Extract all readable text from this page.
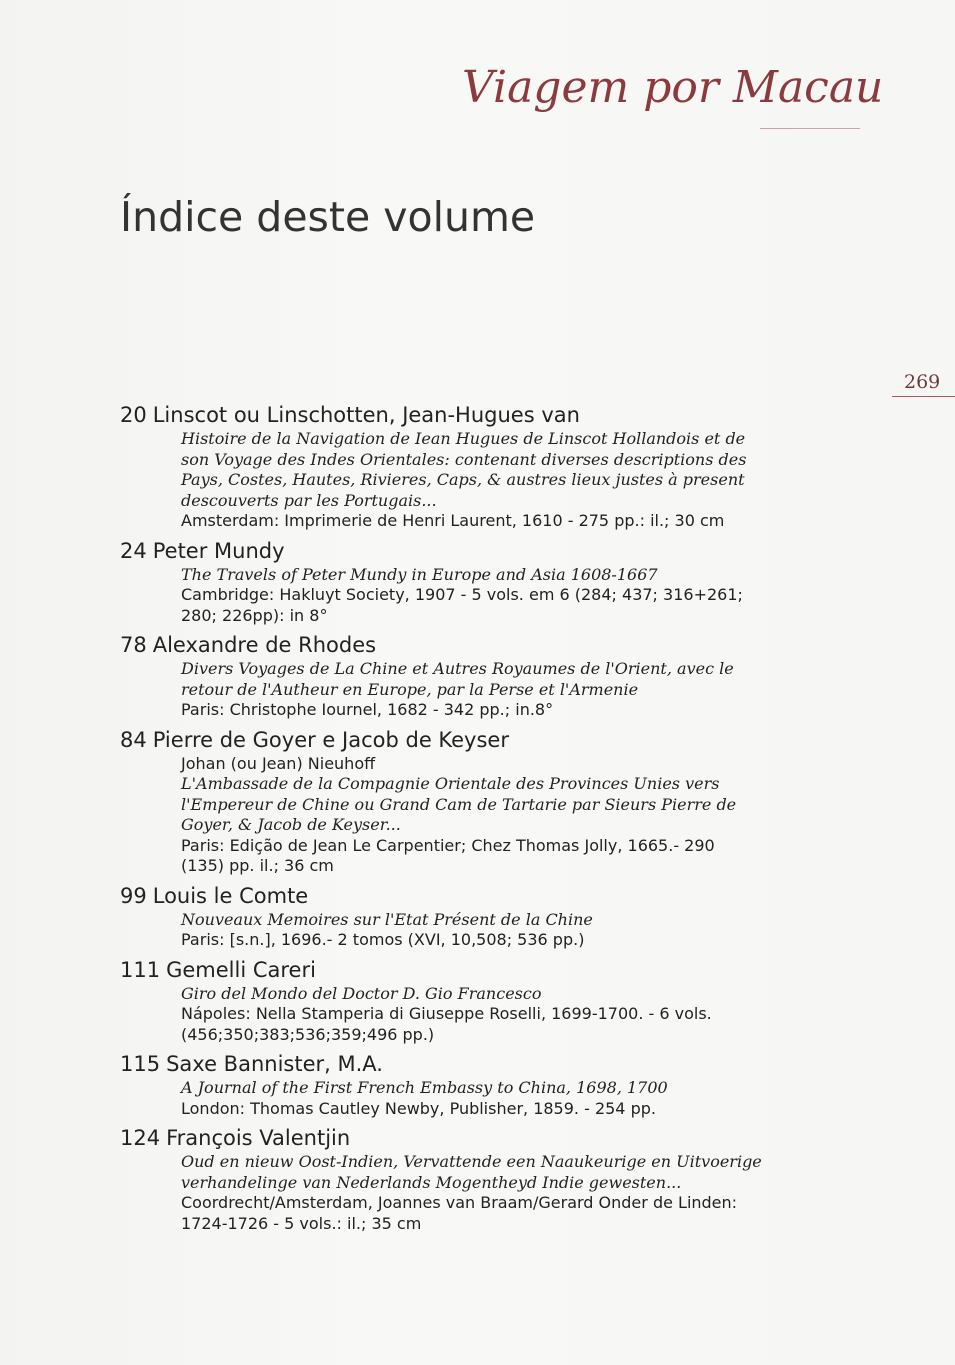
Viagem por Macau
Índice deste volume
269
20 Linscot ou Linschotten, Jean-Hugues van
Histoire de la Navigation de Iean Hugues de Linscot Hollandois et de
son Voyage des Indes Orientales: contenant diverses descriptions des
Pays, Costes, Hautes, Rivieres, Caps, & austres lieux justes à present
descouverts par les Portugais...
Amsterdam: Imprimerie de Henri Laurent, 1610 - 275 pp.: il.; 30 cm
24 Peter Mundy
The Travels of Peter Mundy in Europe and Asia 1608-1667
Cambridge: Hakluyt Society, 1907 - 5 vols. em 6 (284; 437; 316+261;
280; 226pp): in 8°
78 Alexandre de Rhodes
Divers Voyages de La Chine et Autres Royaumes de l'Orient, avec le
retour de l'Autheur en Europe, par la Perse et l'Armenie
Paris: Christophe Iournel, 1682 - 342 pp.; in.8°
84 Pierre de Goyer e Jacob de Keyser
Johan (ou Jean) Nieuhoff
L'Ambassade de la Compagnie Orientale des Provinces Unies vers
l'Empereur de Chine ou Grand Cam de Tartarie par Sieurs Pierre de
Goyer, & Jacob de Keyser...
Paris: Edição de Jean Le Carpentier; Chez Thomas Jolly, 1665.- 290
(135) pp. il.; 36 cm
99 Louis le Comte
Nouveaux Memoires sur l'Etat Présent de la Chine
Paris: [s.n.], 1696.- 2 tomos (XVI, 10,508; 536 pp.)
111 Gemelli Careri
Giro del Mondo del Doctor D. Gio Francesco
Nápoles: Nella Stamperia di Giuseppe Roselli, 1699-1700. - 6 vols.
(456;350;383;536;359;496 pp.)
115 Saxe Bannister, M.A.
A Journal of the First French Embassy to China, 1698, 1700
London: Thomas Cautley Newby, Publisher, 1859. - 254 pp.
124 François Valentjin
Oud en nieuw Oost-Indien, Vervattende een Naaukeurige en Uitvoerige
verhandelinge van Nederlands Mogentheyd Indie gewesten...
Coordrecht/Amsterdam, Joannes van Braam/Gerard Onder de Linden:
1724-1726 - 5 vols.: il.; 35 cm
